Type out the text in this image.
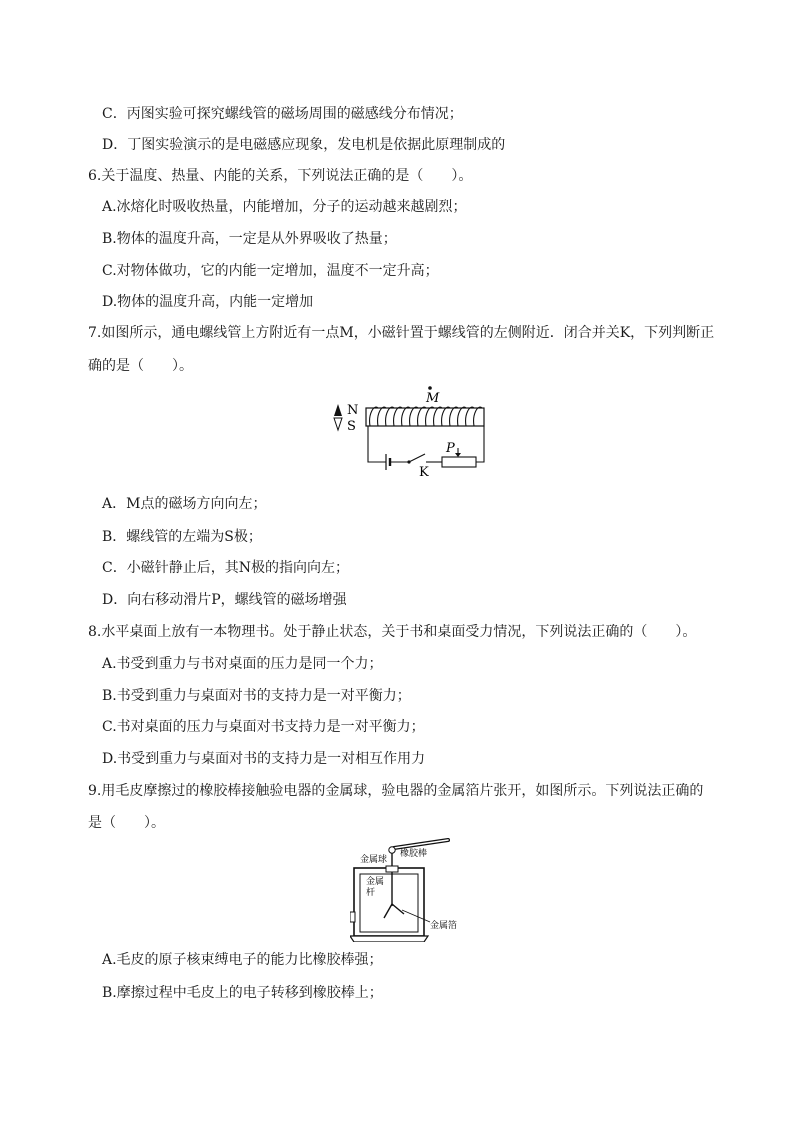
C．丙图实验可探究螺线管的磁场周围的磁感线分布情况；
D．丁图实验演示的是电磁感应现象，发电机是依据此原理制成的
6.关于温度、热量、内能的关系，下列说法正确的是（　　）。
A.冰熔化时吸收热量，内能增加，分子的运动越来越剧烈；
B.物体的温度升高，一定是从外界吸收了热量；
C.对物体做功，它的内能一定增加，温度不一定升高；
D.物体的温度升高，内能一定增加
7.如图所示，通电螺线管上方附近有一点M，小磁针置于螺线管的左侧附近．闭合并关K，下列判断正
确的是（　　）。
N
S
M
K
P
A．M点的磁场方向向左；
B．螺线管的左端为S极；
C．小磁针静止后，其N极的指向向左；
D．向右移动滑片P，螺线管的磁场增强
8.水平桌面上放有一本物理书。处于静止状态，关于书和桌面受力情况，下列说法正确的（　　）。
A.书受到重力与书对桌面的压力是同一个力；
B.书受到重力与桌面对书的支持力是一对平衡力；
C.书对桌面的压力与桌面对书支持力是一对平衡力；
D.书受到重力与桌面对书的支持力是一对相互作用力
9.用毛皮摩擦过的橡胶棒接触验电器的金属球，验电器的金属箔片张开，如图所示。下列说法正确的
是（　　）。
金属球
橡胶棒
金属
杆
金属箔
A.毛皮的原子核束缚电子的能力比橡胶棒强；
B.摩擦过程中毛皮上的电子转移到橡胶棒上；
